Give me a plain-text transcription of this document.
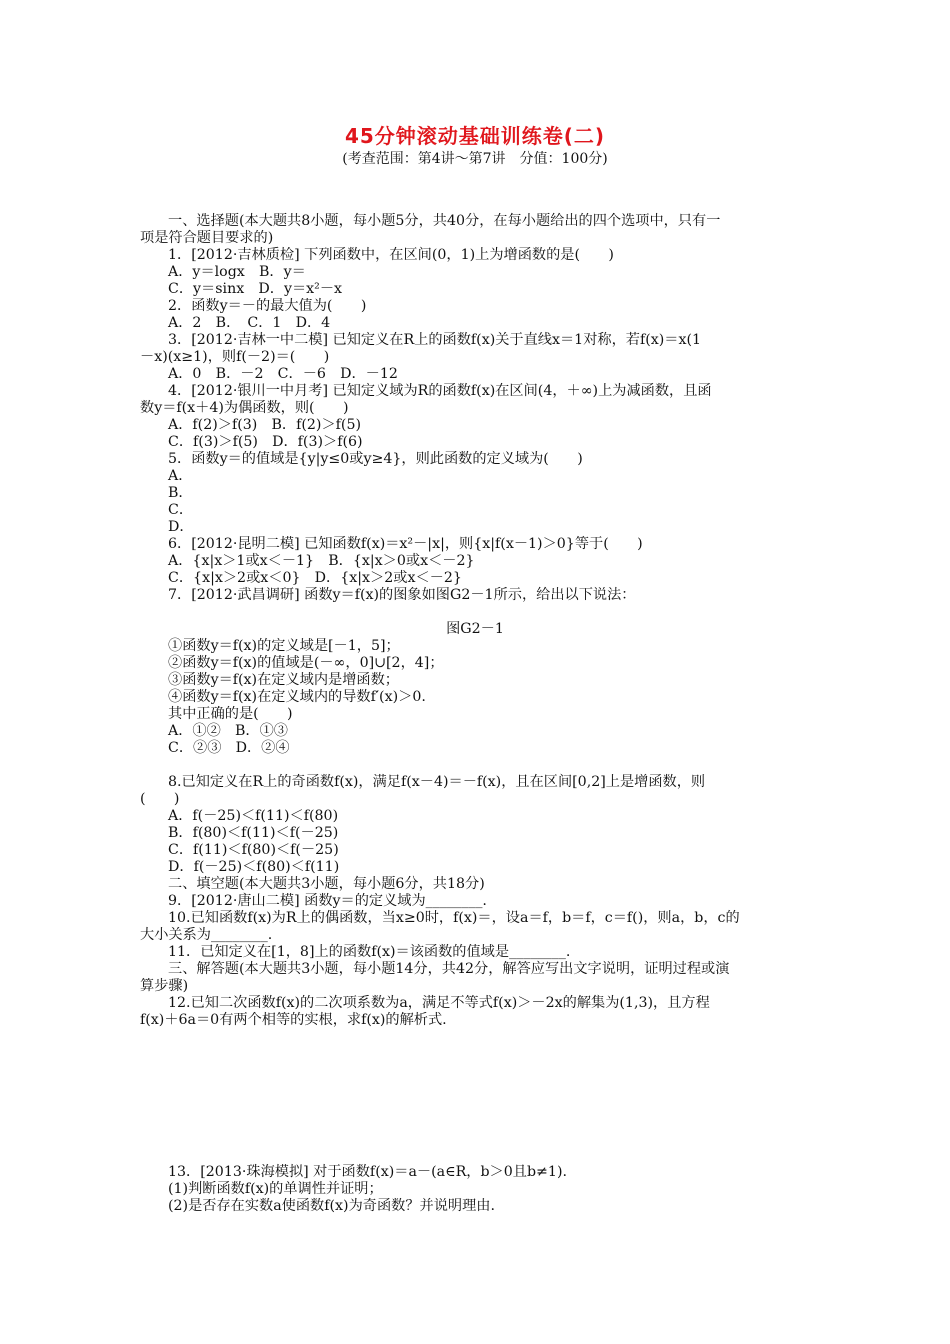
45分钟滚动基础训练卷(二)
(考查范围：第4讲～第7讲　分值：100分)
一、选择题(本大题共8小题，每小题5分，共40分，在每小题给出的四个选项中，只有一
项是符合题目要求的)
1．[2012·吉林质检] 下列函数中，在区间(0，1)上为增函数的是(　　)
A．y＝logx　B．y＝
C．y＝sinx　D．y＝x²－x
2．函数y＝－的最大值为(　　)
A．2　B．　C．1　D．4
3．[2012·吉林一中二模] 已知定义在R上的函数f(x)关于直线x＝1对称，若f(x)＝x(1
－x)(x≥1)，则f(－2)＝(　　)
A．0　B．－2　C．－6　D．－12
4．[2012·银川一中月考] 已知定义域为R的函数f(x)在区间(4，＋∞)上为减函数，且函
数y＝f(x＋4)为偶函数，则(　　)
A．f(2)＞f(3)　B．f(2)＞f(5)
C．f(3)＞f(5)　D．f(3)＞f(6)
5．函数y＝的值域是{y|y≤0或y≥4}，则此函数的定义域为(　　)
A．
B．
C．
D．
6．[2012·昆明二模] 已知函数f(x)＝x²－|x|，则{x|f(x－1)＞0}等于(　　)
A．{x|x＞1或x＜－1}　B．{x|x＞0或x＜－2}
C．{x|x＞2或x＜0}　D．{x|x＞2或x＜－2}
7．[2012·武昌调研] 函数y＝f(x)的图象如图G2－1所示，给出以下说法：
图G2－1
①函数y＝f(x)的定义域是[－1，5]；
②函数y＝f(x)的值域是(－∞，0]∪[2，4]；
③函数y＝f(x)在定义域内是增函数；
④函数y＝f(x)在定义域内的导数f′(x)＞0.
其中正确的是(　　)
A．①②　B．①③
C．②③　D．②④
8.已知定义在R上的奇函数f(x)，满足f(x－4)＝－f(x)，且在区间[0,2]上是增函数，则
(　　)
A．f(－25)＜f(11)＜f(80)
B．f(80)＜f(11)＜f(－25)
C．f(11)＜f(80)＜f(－25)
D．f(－25)＜f(80)＜f(11)
二、填空题(本大题共3小题，每小题6分，共18分)
9．[2012·唐山二模] 函数y＝的定义域为________.
10.已知函数f(x)为R上的偶函数，当x≥0时，f(x)＝，设a＝f，b＝f，c＝f()，则a，b，c的
大小关系为________.
11．已知定义在[1，8]上的函数f(x)＝该函数的值域是________.
三、解答题(本大题共3小题，每小题14分，共42分，解答应写出文字说明，证明过程或演
算步骤)
12.已知二次函数f(x)的二次项系数为a，满足不等式f(x)＞－2x的解集为(1,3)，且方程
f(x)＋6a＝0有两个相等的实根，求f(x)的解析式.
13．[2013·珠海模拟] 对于函数f(x)＝a－(a∈R，b＞0且b≠1).
(1)判断函数f(x)的单调性并证明；
(2)是否存在实数a使函数f(x)为奇函数？并说明理由.
